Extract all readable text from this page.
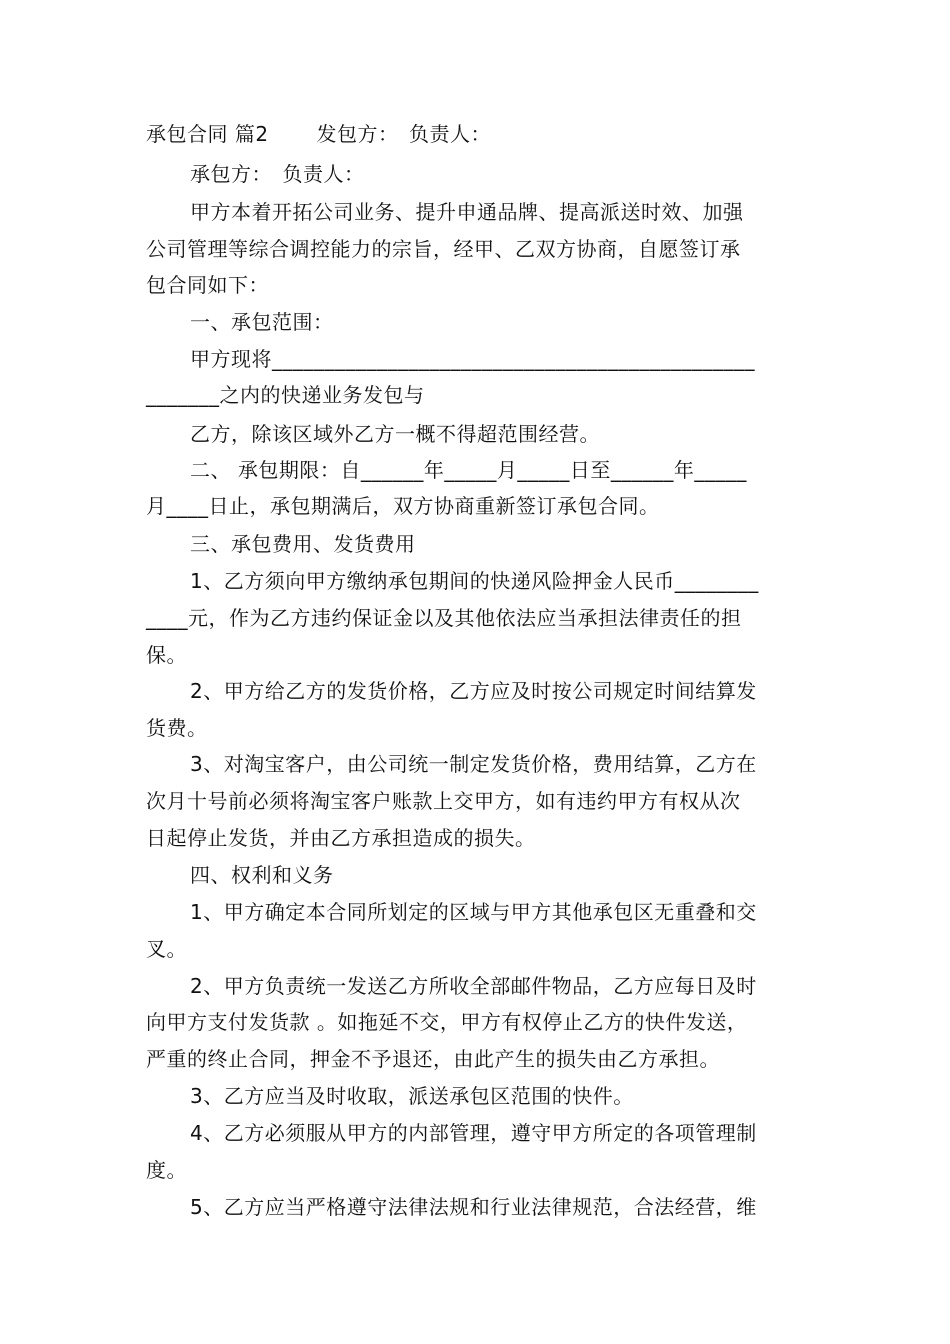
承包合同 篇2　　 发包方：　负责人：
承包方：　负责人：
甲方本着开拓公司业务、提升申通品牌、提高派送时效、加强
公司管理等综合调控能力的宗旨，经甲、乙双方协商，自愿签订承
包合同如下：
一、承包范围：
甲方现将______________________________________________
_______之内的快递业务发包与
乙方，除该区域外乙方一概不得超范围经营。
二、 承包期限：自______年_____月_____日至______年_____
月____日止，承包期满后，双方协商重新签订承包合同。
三、承包费用、发货费用
1、乙方须向甲方缴纳承包期间的快递风险押金人民币________
____元，作为乙方违约保证金以及其他依法应当承担法律责任的担
保。
2、甲方给乙方的发货价格，乙方应及时按公司规定时间结算发
货费。
3、对淘宝客户，由公司统一制定发货价格，费用结算，乙方在
次月十号前必须将淘宝客户账款上交甲方，如有违约甲方有权从次
日起停止发货，并由乙方承担造成的损失。
四、权利和义务
1、甲方确定本合同所划定的区域与甲方其他承包区无重叠和交
叉。
2、甲方负责统一发送乙方所收全部邮件物品，乙方应每日及时
向甲方支付发货款 。如拖延不交，甲方有权停止乙方的快件发送，
严重的终止合同，押金不予退还，由此产生的损失由乙方承担。
3、乙方应当及时收取，派送承包区范围的快件。
4、乙方必须服从甲方的内部管理，遵守甲方所定的各项管理制
度。
5、乙方应当严格遵守法律法规和行业法律规范，合法经营，维
